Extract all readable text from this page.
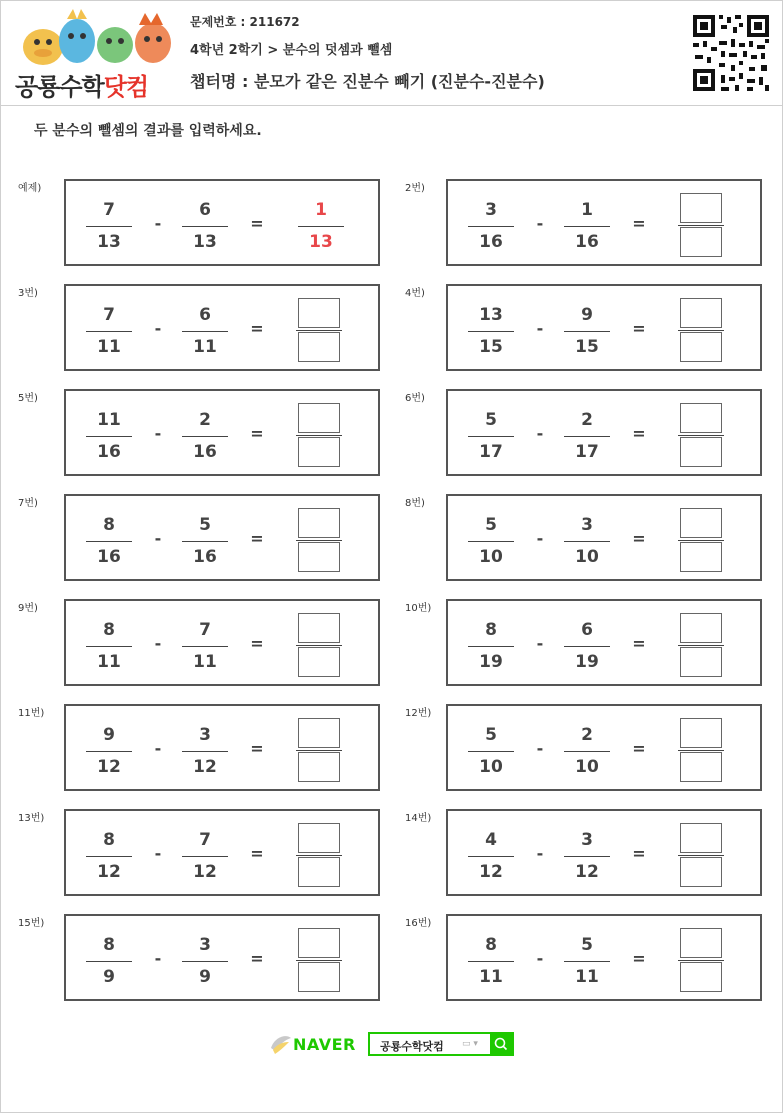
공룡수학닷컴
문제번호 : 211672
4학년 2학기 > 분수의 덧셈과 뺄셈
챕터명 : 분모가 같은 진분수 빼기 (진분수-진분수)
두 분수의 뺄셈의 결과를 입력하세요.
예제)
7
13
-
6
13
=
1
13
2번)
3
16
-
1
16
=
3번)
7
11
-
6
11
=
4번)
13
15
-
9
15
=
5번)
11
16
-
2
16
=
6번)
5
17
-
2
17
=
7번)
8
16
-
5
16
=
8번)
5
10
-
3
10
=
9번)
8
11
-
7
11
=
10번)
8
19
-
6
19
=
11번)
9
12
-
3
12
=
12번)
5
10
-
2
10
=
13번)
8
12
-
7
12
=
14번)
4
12
-
3
12
=
15번)
8
9
-
3
9
=
16번)
8
11
-
5
11
=
NAVER 공룡수학닷컴 ▭ ▾
